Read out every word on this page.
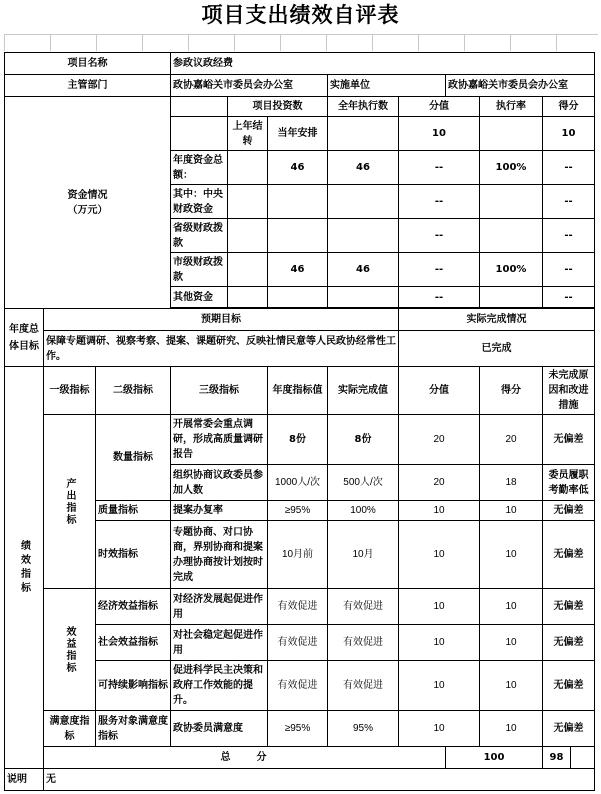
项目支出绩效自评表
项目名称			参政议政经费								
主管部门			政协嘉峪关市委员会办公室			实施单位		政协嘉峪关市委员会办公室			

资金情况
（万元）				项目投资数		全年执行数	分值		执行率	得分	
				上年结转	当年安排		10			10	
			年度资金总额：		46	46	--		100%	--	
			其中：中央财政资金				--			--	
			省级财政拨款				--			--	
			市级财政拨款		46	46	--		100%	--	
			其他资金				--			--	

年度总体目标	预期目标						实际完成情况				
	保障专题调研、视察考察、提案、课题研究、反映社情民意等人民政协经常性工作。						已完成				
绩效指标	一级指标	二级指标	三级指标		年度指标值	实际完成值	分值		得分	未完成原因和改进措施	
	产出指标	数量指标	开展常委会重点调研，形成高质量调研报告		8份	8份	20		20	无偏差	
			组织协商议政委员参加人数		1000人/次	500人/次	20		18	委员履职考勤率低	
		质量指标	提案办复率		≥95%	100%	10		10	无偏差	
		时效指标	专题协商、对口协商，界别协商和提案办理协商按计划按时完成		10月前	10月	10		10	无偏差	
	效益指标	经济效益指标	对经济发展起促进作用		有效促进	有效促进	10		10	无偏差	
		社会效益指标	对社会稳定起促进作用		有效促进	有效促进	10		10	无偏差	
		可持续影响指标	促进科学民主决策和政府工作效能的提升。		有效促进	有效促进	10		10	无偏差	
	满意度指标	服务对象满意度指标	政协委员满意度		≥95%	95%	10		10	无偏差	
	总　　分							100		98	
说明	无										
